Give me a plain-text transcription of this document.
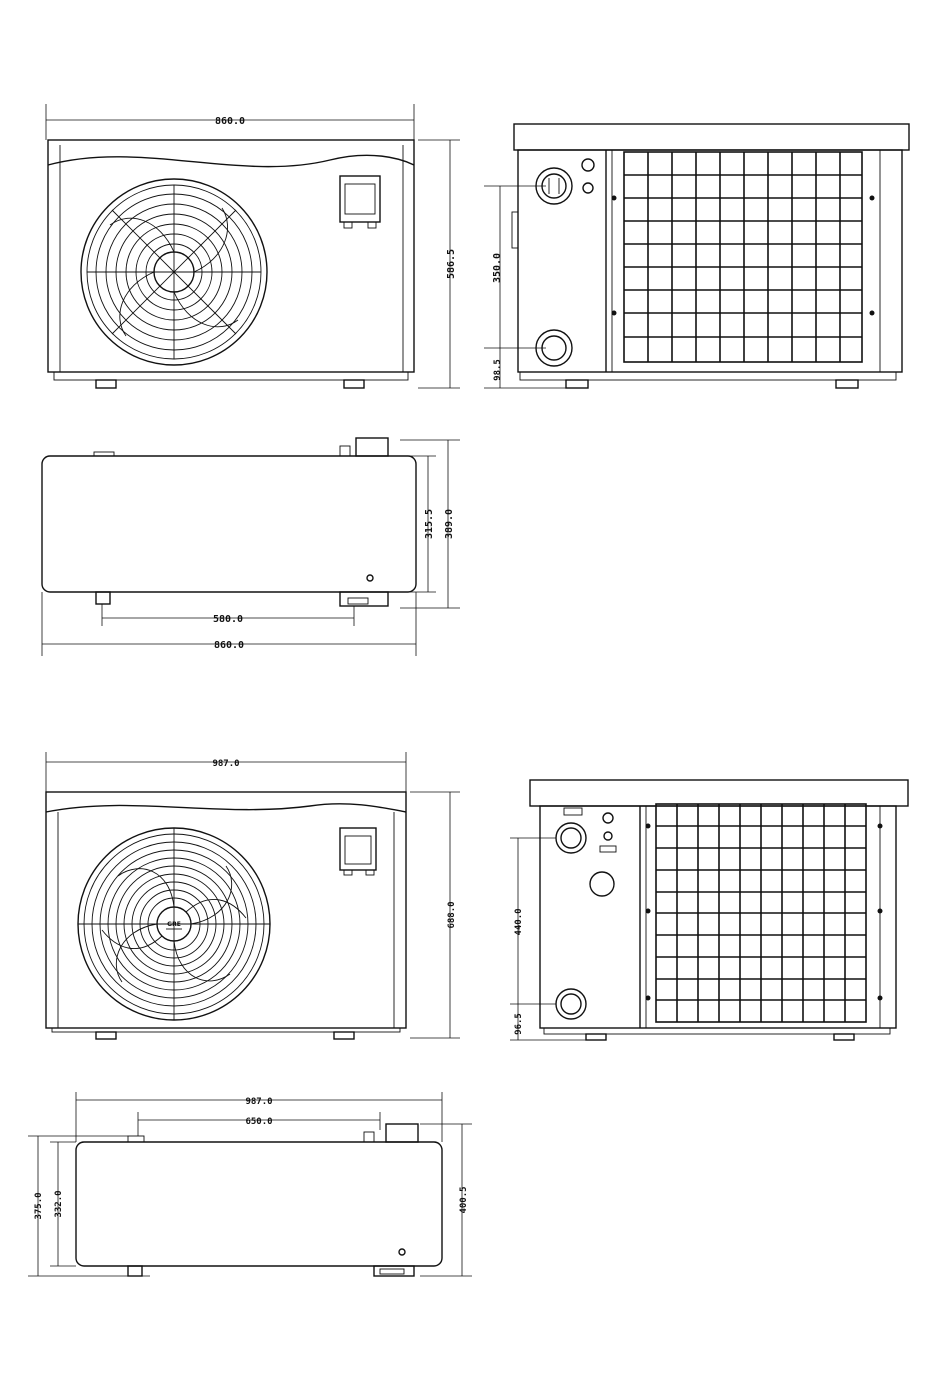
860.0
586.5	350.0
98.5
315.5 389.0
580.0
860.0
987.0
688.0
GRE	440.0
96.5
987.0
650.0
375.0 332.0	400.5
